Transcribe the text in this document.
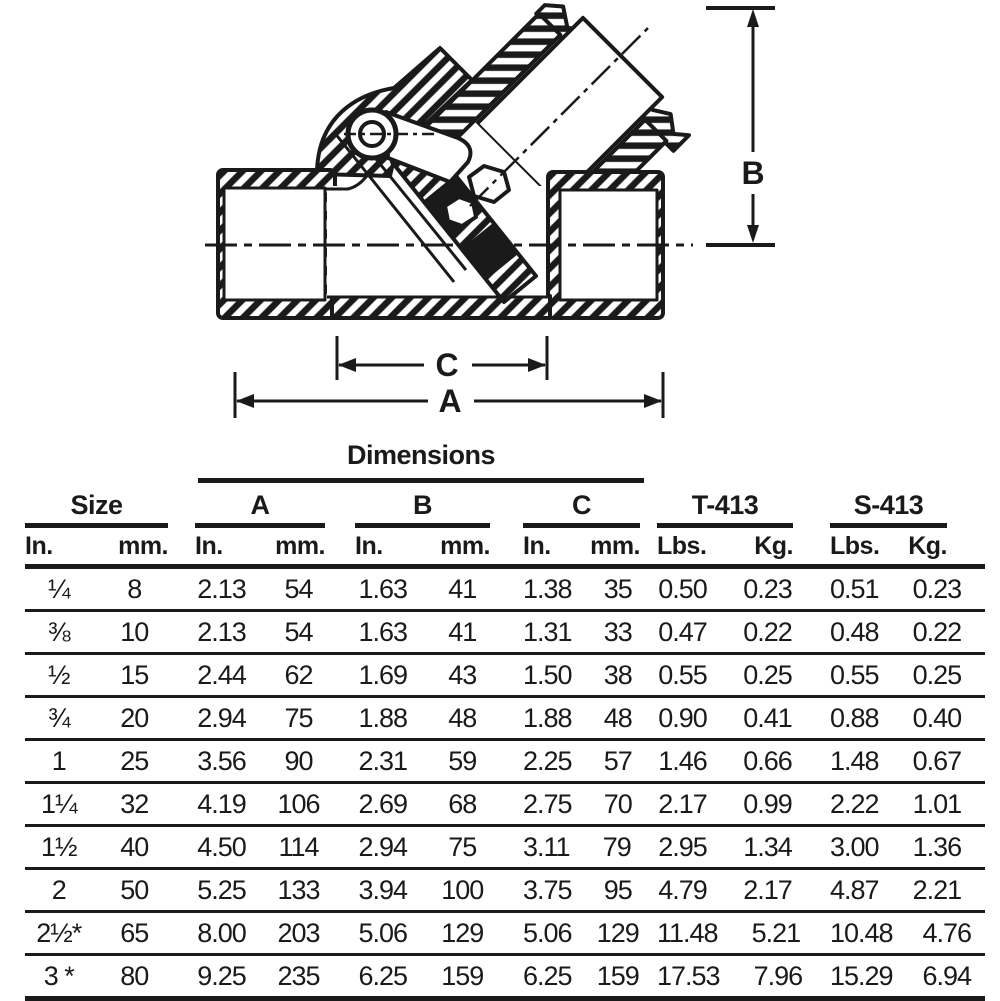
B
C
A
Dimensions
Size	A	B	C	T-413	S-413
In.	mm. In. mm. In. mm. In. mm. Lbs. Kg. Lbs. Kg.
¼	8	2.13	54	1.63	41	1.38	35 0.50	0.23 0.51	0.23
⅜	10	2.13	54	1.63	41	1.31	33 0.47	0.22 0.48	0.22
½	15	2.44	62	1.69	43	1.50	38 0.55	0.25 0.55	0.25
¾	20	2.94	75	1.88	48	1.88	48 0.90	0.41 0.88	0.40
1	25	3.56	90	2.31	59	2.25	57 1.46	0.66 1.48	0.67
1¼	32	4.19	106 2.69	68	2.75	70 2.17	0.99 2.22	1.01
1½	40	4.50	114 2.94	75	3.11	79	2.95	1.34 3.00	1.36
2	50	5.25	133 3.94	100 3.75	95 4.79	2.17 4.87	2.21
2½*	65	8.00	203 5.06	129 5.06 129 11.48	5.21 10.48	4.76
3 *	80	9.25	235 6.25	159 6.25 159 17.53	7.96 15.29	6.94
